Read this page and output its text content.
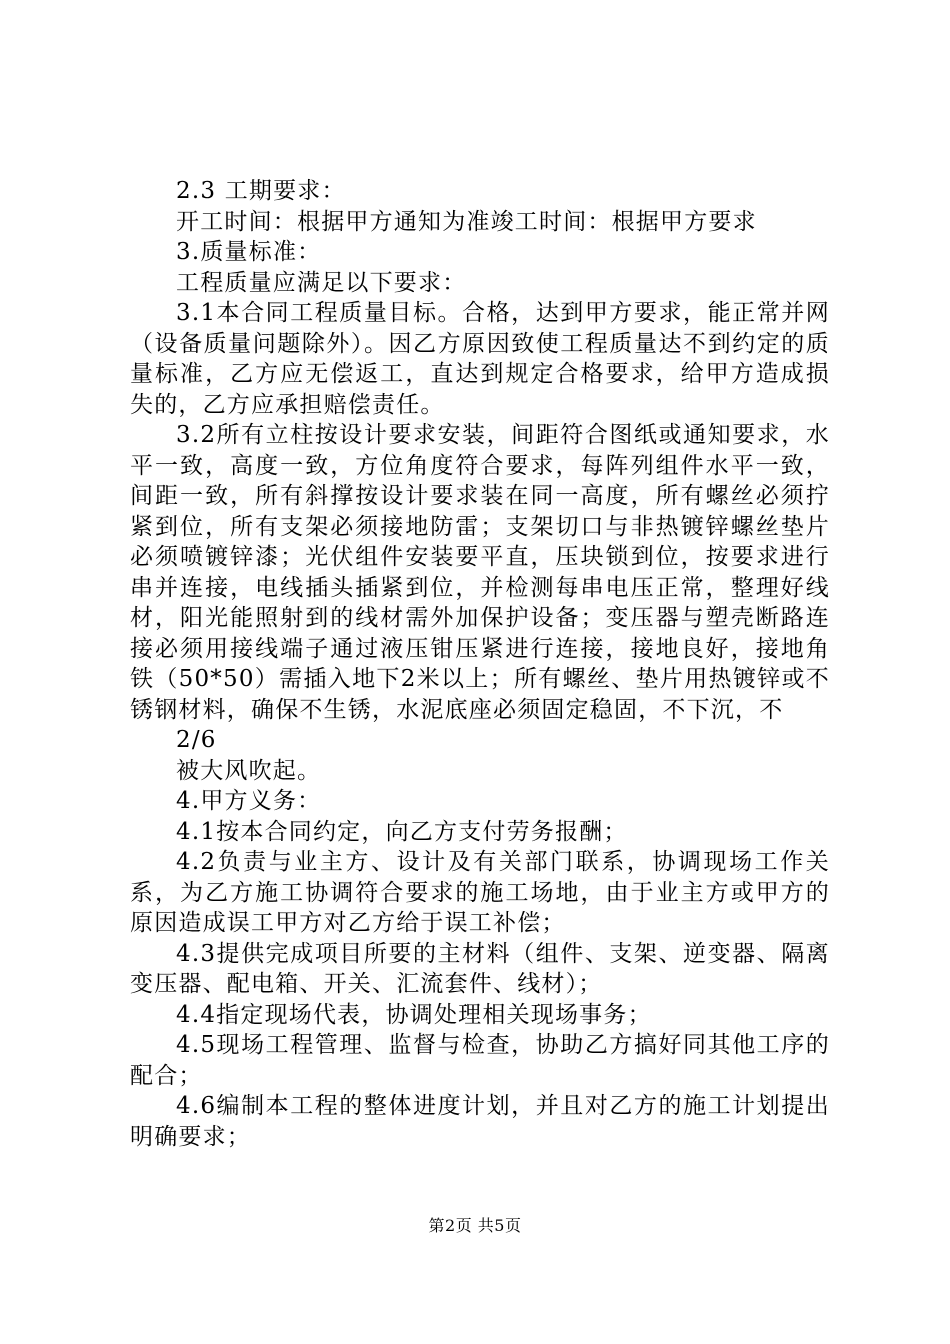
2.3 工期要求：

开工时间：根据甲方通知为准竣工时间：根据甲方要求

3.质量标准：

工程质量应满足以下要求：

3.1本合同工程质量目标。合格，达到甲方要求，能正常并网（设备质量问题除外）。因乙方原因致使工程质量达不到约定的质量标准，乙方应无偿返工，直达到规定合格要求，给甲方造成损失的，乙方应承担赔偿责任。

3.2所有立柱按设计要求安装，间距符合图纸或通知要求，水平一致，高度一致，方位角度符合要求，每阵列组件水平一致，间距一致，所有斜撑按设计要求装在同一高度，所有螺丝必须拧紧到位，所有支架必须接地防雷；支架切口与非热镀锌螺丝垫片必须喷镀锌漆；光伏组件安装要平直，压块锁到位，按要求进行串并连接，电线插头插紧到位，并检测每串电压正常，整理好线材，阳光能照射到的线材需外加保护设备；变压器与塑壳断路连接必须用接线端子通过液压钳压紧进行连接，接地良好，接地角铁（50*50）需插入地下2米以上；所有螺丝、垫片用热镀锌或不锈钢材料，确保不生锈，水泥底座必须固定稳固，不下沉，不

2/6

被大风吹起。

4.甲方义务：

4.1按本合同约定，向乙方支付劳务报酬；

4.2负责与业主方、设计及有关部门联系，协调现场工作关系，为乙方施工协调符合要求的施工场地，由于业主方或甲方的原因造成误工甲方对乙方给于误工补偿；

4.3提供完成项目所要的主材料（组件、支架、逆变器、隔离变压器、配电箱、开关、汇流套件、线材）；

4.4指定现场代表，协调处理相关现场事务；

4.5现场工程管理、监督与检查，协助乙方搞好同其他工序的配合；

4.6编制本工程的整体进度计划，并且对乙方的施工计划提出明确要求；

第2页 共5页
